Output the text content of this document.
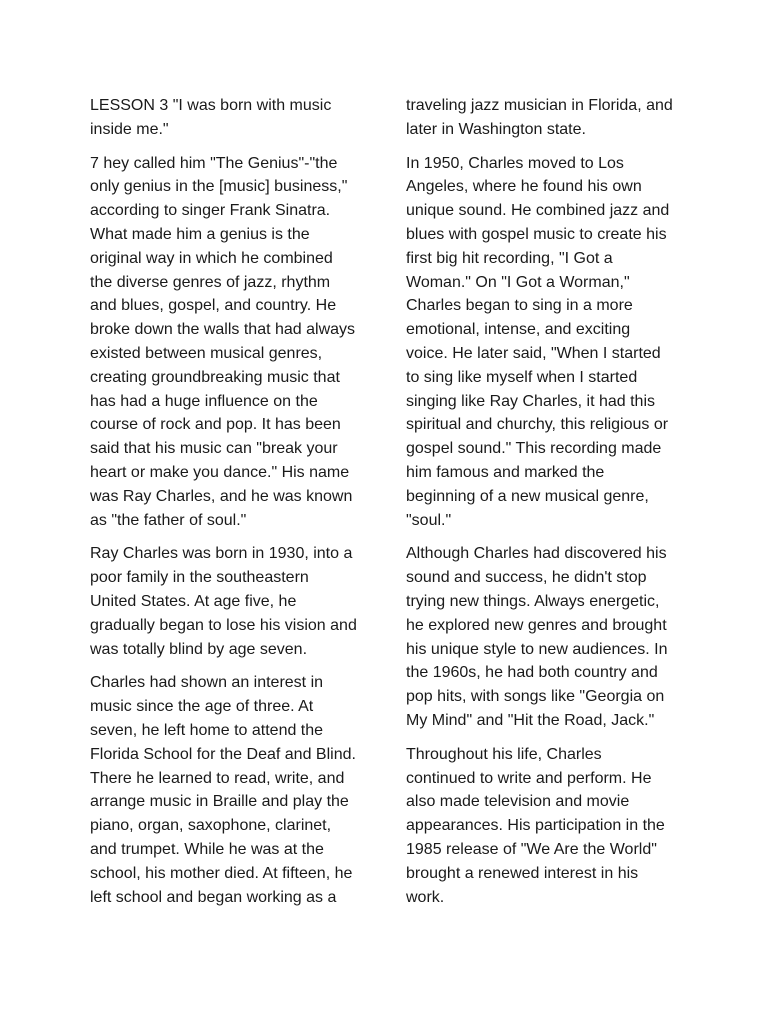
LESSON 3 "I was born with music
inside me."

7 hey called him "The Genius"-"the
only genius in the [music] business,"
according to singer Frank Sinatra.
What made him a genius is the
original way in which he combined
the diverse genres of jazz, rhythm
and blues, gospel, and country. He
broke down the walls that had always
existed between musical genres,
creating groundbreaking music that
has had a huge influence on the
course of rock and pop. It has been
said that his music can "break your
heart or make you dance." His name
was Ray Charles, and he was known
as "the father of soul."

Ray Charles was born in 1930, into a
poor family in the southeastern
United States. At age five, he
gradually began to lose his vision and
was totally blind by age seven.

Charles had shown an interest in
music since the age of three. At
seven, he left home to attend the
Florida School for the Deaf and Blind.
There he learned to read, write, and
arrange music in Braille and play the
piano, organ, saxophone, clarinet,
and trumpet. While he was at the
school, his mother died. At fifteen, he
left school and began working as a

traveling jazz musician in Florida, and
later in Washington state.

In 1950, Charles moved to Los
Angeles, where he found his own
unique sound. He combined jazz and
blues with gospel music to create his
first big hit recording, "I Got a
Woman." On "I Got a Worman,"
Charles began to sing in a more
emotional, intense, and exciting
voice. He later said, "When I started
to sing like myself when I started
singing like Ray Charles, it had this
spiritual and churchy, this religious or
gospel sound." This recording made
him famous and marked the
beginning of a new musical genre,
"soul."

Although Charles had discovered his
sound and success, he didn't stop
trying new things. Always energetic,
he explored new genres and brought
his unique style to new audiences. In
the 1960s, he had both country and
pop hits, with songs like "Georgia on
My Mind" and "Hit the Road, Jack."

Throughout his life, Charles
continued to write and perform. He
also made television and movie
appearances. His participation in the
1985 release of "We Are the World"
brought a renewed interest in his
work.
